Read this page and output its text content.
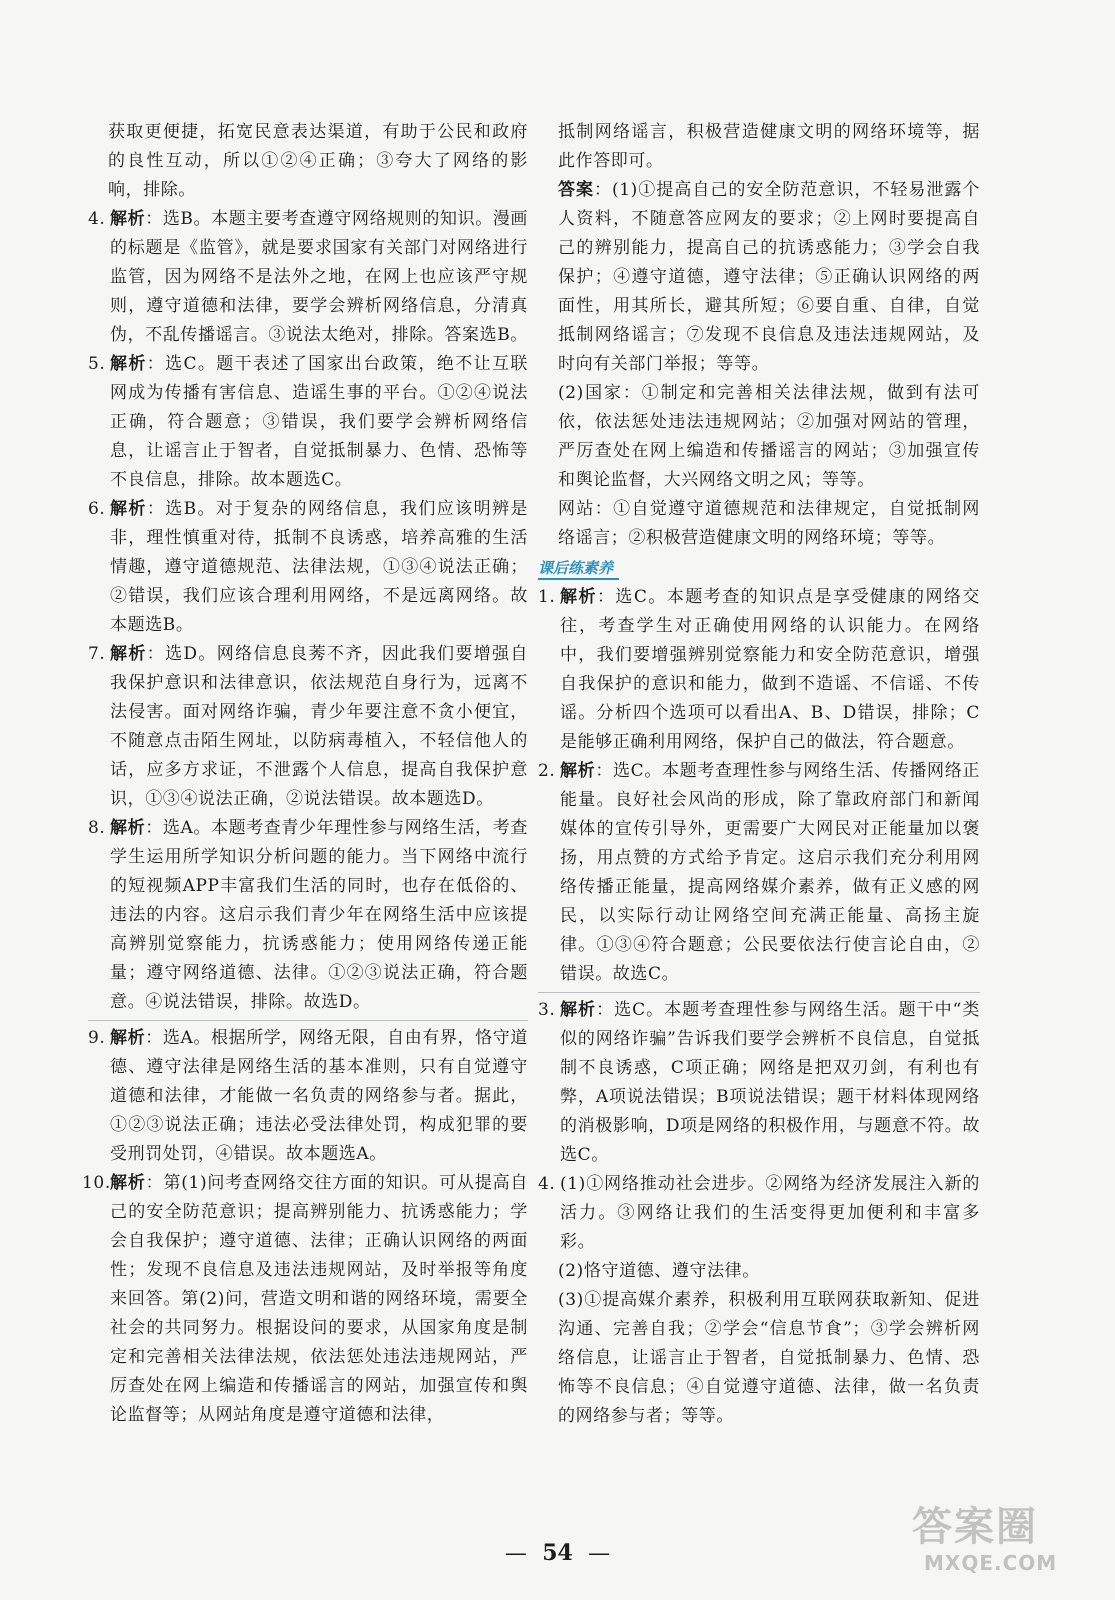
获取更便捷，拓宽民意表达渠道，有助于公民和政府的良性互动，所以①②④正确；③夸大了网络的影响，排除。

4. 解析：选B。本题主要考查遵守网络规则的知识。漫画的标题是《监管》，就是要求国家有关部门对网络进行监管，因为网络不是法外之地，在网上也应该严守规则，遵守道德和法律，要学会辨析网络信息，分清真伪，不乱传播谣言。③说法太绝对，排除。答案选B。
5. 解析：选C。题干表述了国家出台政策，绝不让互联网成为传播有害信息、造谣生事的平台。①②④说法正确，符合题意；③错误，我们要学会辨析网络信息，让谣言止于智者，自觉抵制暴力、色情、恐怖等不良信息，排除。故本题选C。
6. 解析：选B。对于复杂的网络信息，我们应该明辨是非，理性慎重对待，抵制不良诱惑，培养高雅的生活情趣，遵守道德规范、法律法规，①③④说法正确；②错误，我们应该合理利用网络，不是远离网络。故本题选B。
7. 解析：选D。网络信息良莠不齐，因此我们要增强自我保护意识和法律意识，依法规范自身行为，远离不法侵害。面对网络诈骗，青少年要注意不贪小便宜，不随意点击陌生网址，以防病毒植入，不轻信他人的话，应多方求证，不泄露个人信息，提高自我保护意识，①③④说法正确，②说法错误。故本题选D。
8. 解析：选A。本题考查青少年理性参与网络生活，考查学生运用所学知识分析问题的能力。当下网络中流行的短视频APP丰富我们生活的同时，也存在低俗的、违法的内容。这启示我们青少年在网络生活中应该提高辨别觉察能力，抗诱惑能力；使用网络传递正能量；遵守网络道德、法律。①②③说法正确，符合题意。④说法错误，排除。故选D。
9. 解析：选A。根据所学，网络无限，自由有界，恪守道德、遵守法律是网络生活的基本准则，只有自觉遵守道德和法律，才能做一名负责的网络参与者。据此，①②③说法正确；违法必受法律处罚，构成犯罪的要受刑罚处罚，④错误。故本题选A。
10. 解析：第(1)问考查网络交往方面的知识。可从提高自己的安全防范意识；提高辨别能力、抗诱惑能力；学会自我保护；遵守道德、法律；正确认识网络的两面性；发现不良信息及违法违规网站，及时举报等角度来回答。第(2)问，营造文明和谐的网络环境，需要全社会的共同努力。根据设问的要求，从国家角度是制定和完善相关法律法规，依法惩处违法违规网站，严厉查处在网上编造和传播谣言的网站，加强宣传和舆论监督等；从网站角度是遵守道德和法律，

抵制网络谣言，积极营造健康文明的网络环境等，据此作答即可。

答案：(1)①提高自己的安全防范意识，不轻易泄露个人资料，不随意答应网友的要求；②上网时要提高自己的辨别能力，提高自己的抗诱惑能力；③学会自我保护；④遵守道德，遵守法律；⑤正确认识网络的两面性，用其所长，避其所短；⑥要自重、自律，自觉抵制网络谣言；⑦发现不良信息及违法违规网站，及时向有关部门举报；等等。

(2)国家：①制定和完善相关法律法规，做到有法可依，依法惩处违法违规网站；②加强对网站的管理，严厉查处在网上编造和传播谣言的网站；③加强宣传和舆论监督，大兴网络文明之风；等等。

网站：①自觉遵守道德规范和法律规定，自觉抵制网络谣言；②积极营造健康文明的网络环境；等等。

课后练素养
1. 解析：选C。本题考查的知识点是享受健康的网络交往，考查学生对正确使用网络的认识能力。在网络中，我们要增强辨别觉察能力和安全防范意识，增强自我保护的意识和能力，做到不造谣、不信谣、不传谣。分析四个选项可以看出A、B、D错误，排除；C是能够正确利用网络，保护自己的做法，符合题意。
2. 解析：选C。本题考查理性参与网络生活、传播网络正能量。良好社会风尚的形成，除了靠政府部门和新闻媒体的宣传引导外，更需要广大网民对正能量加以褒扬，用点赞的方式给予肯定。这启示我们充分利用网络传播正能量，提高网络媒介素养，做有正义感的网民，以实际行动让网络空间充满正能量、高扬主旋律。①③④符合题意；公民要依法行使言论自由，②错误。故选C。
3. 解析：选C。本题考查理性参与网络生活。题干中“类似的网络诈骗”告诉我们要学会辨析不良信息，自觉抵制不良诱惑，C项正确；网络是把双刃剑，有利也有弊，A项说法错误；B项说法错误；题干材料体现网络的消极影响，D项是网络的积极作用，与题意不符。故选C。
4. (1)①网络推动社会进步。②网络为经济发展注入新的活力。③网络让我们的生活变得更加便利和丰富多彩。

(2)恪守道德、遵守法律。

(3)①提高媒介素养，积极利用互联网获取新知、促进沟通、完善自我；②学会“信息节食”；③学会辨析网络信息，让谣言止于智者，自觉抵制暴力、色情、恐怖等不良信息；④自觉遵守道德、法律，做一名负责的网络参与者；等等。

— 54 —
答案圈
MXQE.COM
